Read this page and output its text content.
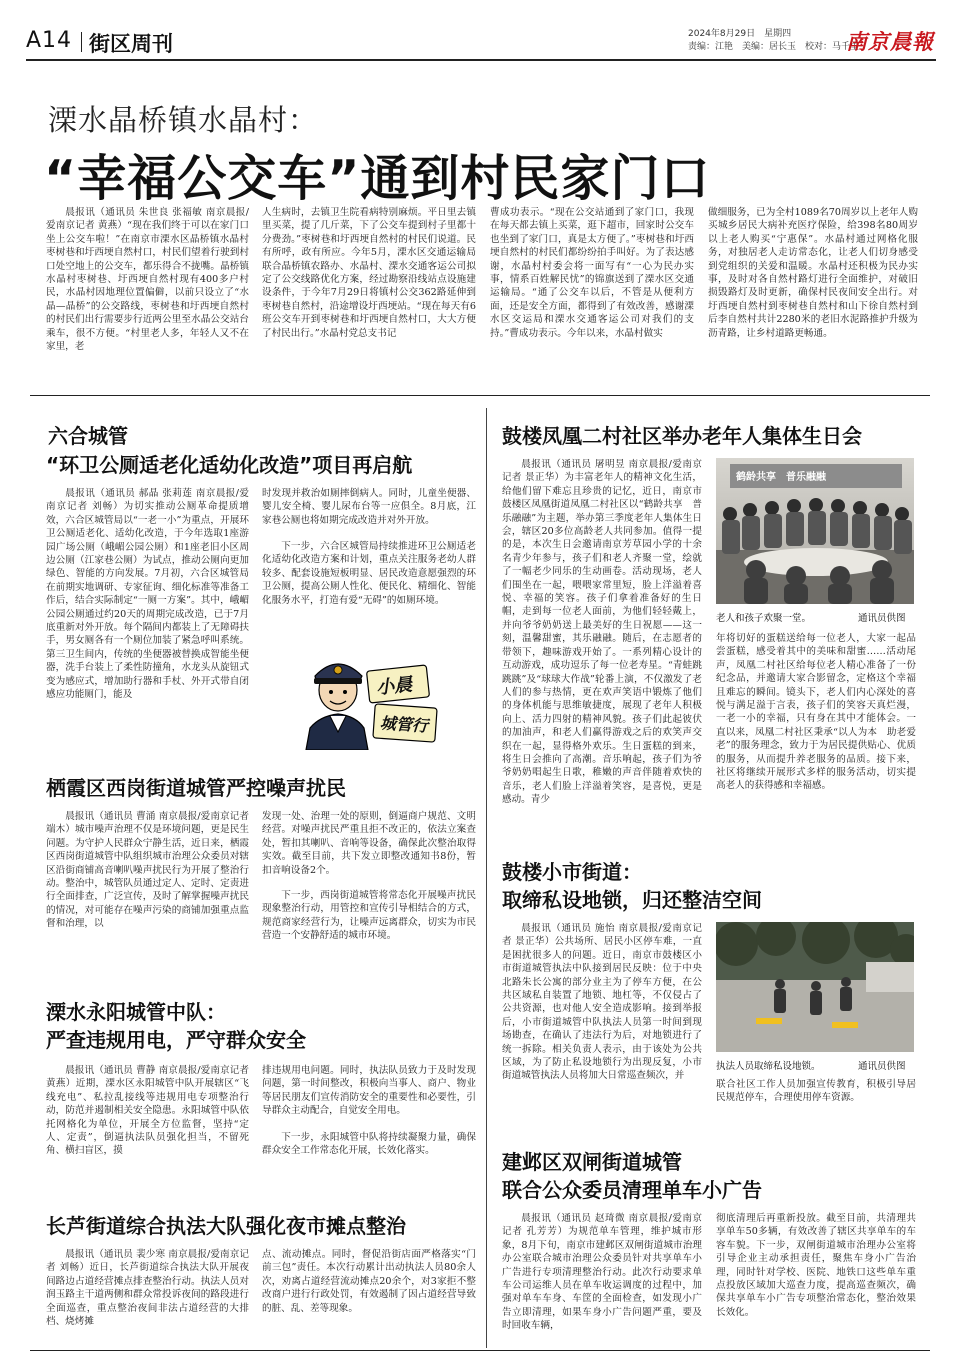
A14 街区周刊	2024年8月29日　星期四
责编：江艳　美编：居长玉　校对：马千里
南京晨報
溧水晶桥镇水晶村：
“幸福公交车”通到村民家门口

晨报讯（通讯员 朱世良 张福敏 南京晨报/爱南京记者 黄燕）“现在我们终于可以在家门口坐上公交车啦！”在南京市溧水区晶桥镇水晶村枣树巷和圩西埂自然村口，村民们望着行驶到村口处空地上的公交车，都乐得合不拢嘴。晶桥镇水晶村枣树巷、圩西埂自然村现有400多户村民，水晶村因地理位置偏僻，以前只设立了“水晶—晶桥”的公交路线，枣树巷和圩西埂自然村的村民们出行需要步行近两公里至水晶公交站台乘车，很不方便。“村里老人多，年轻人又不在家里，老

人生病时，去镇卫生院看病特别麻烦。平日里去镇里买菜，提了几斤菜，下了公交车提到村子里都十分费劲。”枣树巷和圩西埂自然村的村民们说道。民有所呼，政有所应。今年5月，溧水区交通运输局联合晶桥镇农路办、水晶村、溧水交通客运公司拟定了公交线路优化方案，经过勘察沿线站点设施建设条件，于今年7月29日将镇村公交362路延伸到枣树巷自然村，沿途增设圩西埂站。“现在每天有6班公交车开到枣树巷和圩西埂自然村口，大大方便了村民出行。”水晶村党总支书记

曹成功表示。“现在公交站通到了家门口，我现在每天都去镇上买菜，逛下超市，回家时公交车也坐到了家门口，真是太方便了。”枣树巷和圩西埂自然村的村民们都纷纷拍手叫好。为了表达感谢，水晶村村委会将一面写有“一心为民办实事，情系百姓解民忧”的锦旗送到了溧水区交通运输局。“通了公交车以后，不管是从便利方面，还是安全方面，都得到了有效改善，感谢溧水区交运局和溧水交通客运公司对我们的支持。”曹成功表示。今年以来，水晶村做实

做细服务，已为全村1089名70周岁以上老年人购买城乡居民大病补充医疗保险，给398名80周岁以上老人购买“宁惠保”。水晶村通过网格化服务，对独居老人走访常态化，让老人们切身感受到党组织的关爱和温暖。水晶村还积极为民办实事，及时对各自然村路灯进行全面维护，对破旧损毁路灯及时更新，确保村民夜间安全出行。对圩西埂自然村到枣树巷自然村和山下徐自然村到后李自然村共计2280米的老旧水泥路推护升级为沥青路，让乡村道路更畅通。

六合城管
“环卫公厕适老化适幼化改造”项目再启航

晨报讯（通讯员 郝晶 张莉莲 南京晨报/爱南京记者 刘畅）为切实推动公厕革命提质增效，六合区城管局以“一老一小”为重点，开展环卫公厕适老化、适幼化改造，于今年选取1座游园广场公厕（峨嵋公园公厕）和1座老旧小区周边公厕（江家巷公厕）为试点，推动公厕向更加绿色、智能的方向发展。7月初，六合区城管局在前期实地调研、专家征询、细化标准等准备工作后，结合实际制定“一厕一方案”。其中，峨嵋公园公厕通过约20天的周期完成改造，已于7月底重新对外开放。每个隔间内都装上了无障碍扶手，男女厕各有一个厕位加装了紧急呼叫系统。第三卫生间内，传统的坐便器被替换成智能坐便器，洗手台装上了柔性防撞角，水龙头从旋钮式变为感应式，增加助行器和手杖、外开式带自闭感应功能厕门，能及

时发现并救治如厕摔倒病人。同时，儿童坐便器、婴儿安全椅、婴儿尿布台等一应俱全。8月底，江家巷公厕也将如期完成改造并对外开放。

下一步，六合区城管局持续推进环卫公厕适老化适幼化改造方案和计划，重点关注服务老幼人群较多、配套设施短板明显、居民改造意愿强烈的环卫公厕，提高公厕人性化、便民化、精细化、智能化服务水平，打造有爱“无碍”的如厕环境。

小晨
城管行
栖霞区西岗街道城管严控噪声扰民

晨报讯（通讯员 曹涌 南京晨报/爱南京记者 端木）城市噪声治理不仅是环境问题，更是民生问题。为守护人民群众宁静生活，近日来，栖霞区西岗街道城管中队组织城市治理公众委员对辖区沿街商铺高音喇叭噪声扰民行为开展了整治行动。整治中，城管队员通过定人、定时、定责进行全面排查，广泛宣传，及时了解掌握噪声扰民的情况，对可能存在噪声污染的商铺加强重点监督和治理，以

发现一处、治理一处的原则，倒逼商户规范、文明经营。对噪声扰民严重且拒不改正的，依法立案查处，暂扣其喇叭、音响等设备，确保此次整治取得实效。截至目前，共下发立即整改通知书8份，暂扣音响设备2个。

下一步，西岗街道城管将常态化开展噪声扰民现象整治行动，用管控和宣传引导相结合的方式，规范商家经营行为，让噪声远离群众，切实为市民营造一个安静舒适的城市环境。

溧水永阳城管中队：
严查违规用电，严守群众安全

晨报讯（通讯员 曹静 南京晨报/爱南京记者 黄燕）近期，溧水区永阳城管中队开展辖区“飞线充电”、私拉乱接线等违规用电专项整治行动，防范并遏制相关安全隐患。永阳城管中队依托网格化为单位，开展全方位监督，坚持“定人、定责”，倒逼执法队员强化担当，不留死角、横扫盲区，摸

排违规用电问题。同时，执法队员致力于及时发现问题，第一时间整改，积极向当事人、商户、物业等居民朋友们宣传消防安全的重要性和必要性，引导群众主动配合，自觉安全用电。

下一步，永阳城管中队将持续凝聚力量，确保群众安全工作常态化开展，长效化落实。

长芦街道综合执法大队强化夜市摊点整治

晨报讯（通讯员 裴少寒 南京晨报/爱南京记者 刘畅）近日，长芦街道综合执法大队开展夜间路边占道经营摊点排查整治行动。执法人员对润玉路主干道两侧和群众常投诉夜间的路段进行全面巡查，重点整治夜间非法占道经营的大排档、烧烤摊

点、流动摊点。同时，督促沿街店面严格落实“门前三包”责任。本次行动累计出动执法人员80余人次，劝离占道经营流动摊点20余个，对3家拒不整改商户进行行政处罚，有效遏制了因占道经营导致的脏、乱、差等现象。

鼓楼凤凰二村社区举办老年人集体生日会

晨报讯（通讯员 屠明昱 南京晨报/爱南京记者 景正华）为丰富老年人的精神文化生活，给他们留下难忘且珍贵的记忆，近日，南京市鼓楼区凤凰街道凤凰二村社区以“鹤龄共享　普乐融融”为主题，举办第三季度老年人集体生日会，辖区20多位高龄老人共同参加。值得一提的是，本次生日会邀请南京芳草园小学的十余名青少年参与，孩子们和老人齐聚一堂，绘就了一幅老少同乐的生动画卷。活动现场，老人们围坐在一起，喂喂家常里短，脸上洋溢着喜悦、幸福的笑容。孩子们拿着准备好的生日帽，走到每一位老人面前，为他们轻轻戴上，并向爷爷奶奶送上最美好的生日祝愿——这一刻，温馨甜蜜，其乐融融。随后，在志愿者的带领下，趣味游戏开始了。一系列精心设计的互动游戏，成功逗乐了每一位老寿星。“青蛙跳跳跳”及“球球大作战”轮番上演，不仅激发了老人们的参与热情，更在欢声笑语中锻炼了他们的身体机能与思维敏捷度，展现了老年人积极向上、活力四射的精神风貌。孩子们此起彼伏的加油声，和老人们赢得游戏之后的欢笑声交织在一起，显得格外欢乐。生日蛋糕的到来，将生日会推向了高潮。音乐响起，孩子们为爷爷奶奶唱起生日歌，稚嫩的声音伴随着欢快的音乐，老人们脸上洋溢着笑容，是喜悦，更是感动。青少

鹤龄共享　普乐融融
老人和孩子欢聚一堂。	通讯员供图

年将切好的蛋糕送给每一位老人，大家一起品尝蛋糕，感受着其中的美味和甜蜜……活动尾声，凤凰二村社区给每位老人精心准备了一份纪念品，并邀请大家合影留念，定格这个幸福且难忘的瞬间。镜头下，老人们内心深处的喜悦与满足溢于言表，孩子们的笑容天真烂漫，一老一小的幸福，只有身在其中才能体会。一直以来，凤凰二村社区秉承“以人为本　助老爱老”的服务理念，致力于为居民提供贴心、优质的服务，从而提升养老服务的品质。接下来，社区将继续开展形式多样的服务活动，切实提高老人的获得感和幸福感。

鼓楼小市街道：
取缔私设地锁，归还整洁空间

晨报讯（通讯员 施怡 南京晨报/爱南京记者 景正华）公共场所、居民小区停车难，一直是困扰很多人的问题。近日，南京市鼓楼区小市街道城管执法中队接到居民反映：位于中央北路朱长公寓的部分业主为了停车方便，在公共区域私自装置了地锁、地杠等，不仅侵占了公共资源，也对他人安全造成影响。接到举报后，小市街道城管中队执法人员第一时间到现场勘查，在确认了违法行为后，对地锁进行了统一拆除。相关负责人表示，由于该处为公共区域，为了防止私设地锁行为出现反复，小市街道城管执法人员将加大日常巡查频次，并

执法人员取缔私设地锁。	通讯员供图

联合社区工作人员加强宣传教育，积极引导居民规范停车，合理使用停车资源。

建邺区双闸街道城管
联合公众委员清理单车小广告

晨报讯（通讯员 赵琦微 南京晨报/爱南京记者 孔芳芳）为规范单车管理，维护城市形象，8月下旬，南京市建邺区双闸街道城市治理办公室联合城市治理公众委员针对共享单车小广告进行专项清理整治行动。此次行动要求单车公司运维人员在单车收运调度的过程中，加强对单车车身、车筐的全面检查，如发现小广告立即清理，如果车身小广告问题严重，要及时回收车辆，

彻底清理后再重新投放。截至目前，共清理共享单车50多辆，有效改善了辖区共享单车的车容车貌。下一步，双闸街道城市治理办公室将引导企业主动承担责任，聚焦车身小广告治理，同时针对学校、医院、地铁口这些单车重点投放区域加大巡查力度，提高巡查频次，确保共享单车小广告专项整治常态化，整治效果长效化。
